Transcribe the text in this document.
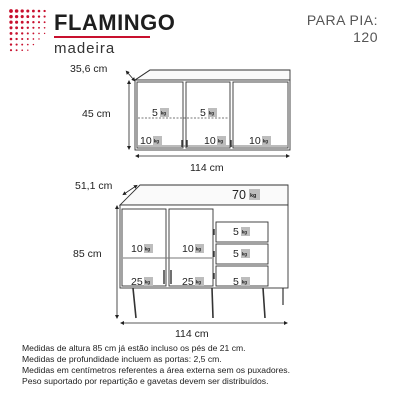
FLAMINGO
madeira
PARA PIA:
120
35,6 cm
45 cm
114 cm
5 kg	5 kg
10 kg	10 kg 10 kg
51,1 cm
85 cm
114 cm
70 kg
10 kg	10 kg
25 kg	25 kg
5 kg
5 kg
5 kg
Medidas de altura 85 cm já estão incluso os pés de 21 cm.
Medidas de profundidade incluem as portas: 2,5 cm.
Medidas em centímetros referentes a área externa sem os puxadores.
Peso suportado por repartição e gavetas devem ser distribuídos.
